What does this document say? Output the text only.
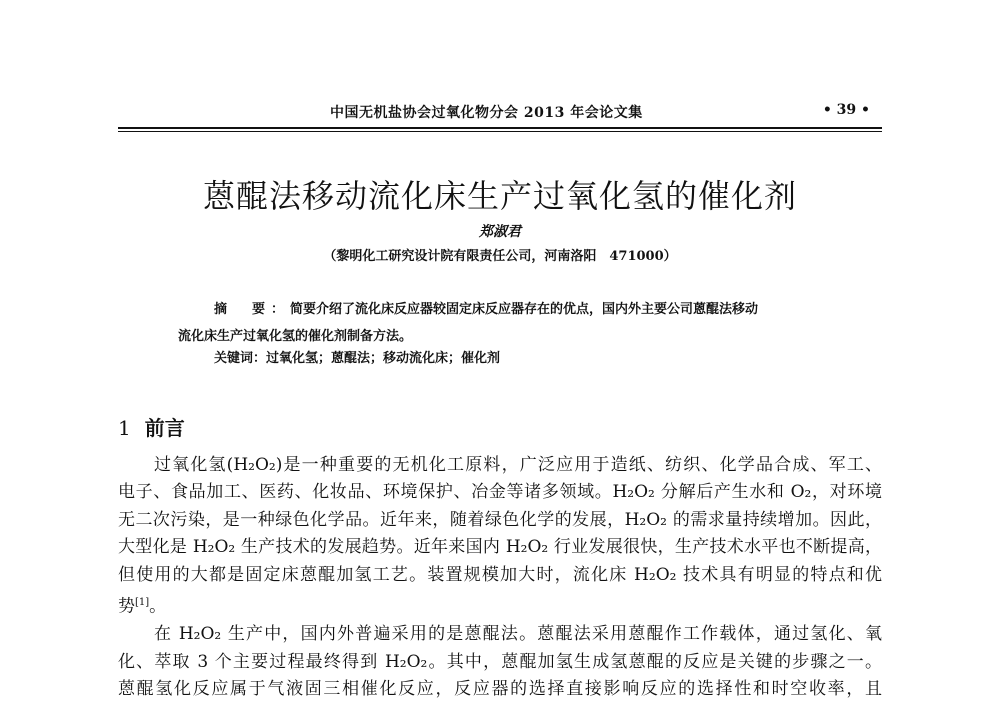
中国无机盐协会过氧化物分会 2013 年会论文集	• 39 •
蒽醌法移动流化床生产过氧化氢的催化剂
郑淑君
（黎明化工研究设计院有限责任公司，河南洛阳　471000）
摘　要：简要介绍了流化床反应器较固定床反应器存在的优点，国内外主要公司蒽醌法移动
流化床生产过氧化氢的催化剂制备方法。
关键词：过氧化氢；蒽醌法；移动流化床；催化剂
1 前言
过氧化氢(H₂O₂)是一种重要的无机化工原料，广泛应用于造纸、纺织、化学品合成、军工、
电子、食品加工、医药、化妆品、环境保护、冶金等诸多领域。H₂O₂ 分解后产生水和 O₂，对环境
无二次污染，是一种绿色化学品。近年来，随着绿色化学的发展，H₂O₂ 的需求量持续增加。因此，
大型化是 H₂O₂ 生产技术的发展趋势。近年来国内 H₂O₂ 行业发展很快，生产技术水平也不断提高，
但使用的大都是固定床蒽醌加氢工艺。装置规模加大时，流化床 H₂O₂ 技术具有明显的特点和优
势[1]。
在 H₂O₂ 生产中，国内外普遍采用的是蒽醌法。蒽醌法采用蒽醌作工作载体，通过氢化、氧
化、萃取 3 个主要过程最终得到 H₂O₂。其中，蒽醌加氢生成氢蒽醌的反应是关键的步骤之一。
蒽醌氢化反应属于气液固三相催化反应，反应器的选择直接影响反应的选择性和时空收率，且
